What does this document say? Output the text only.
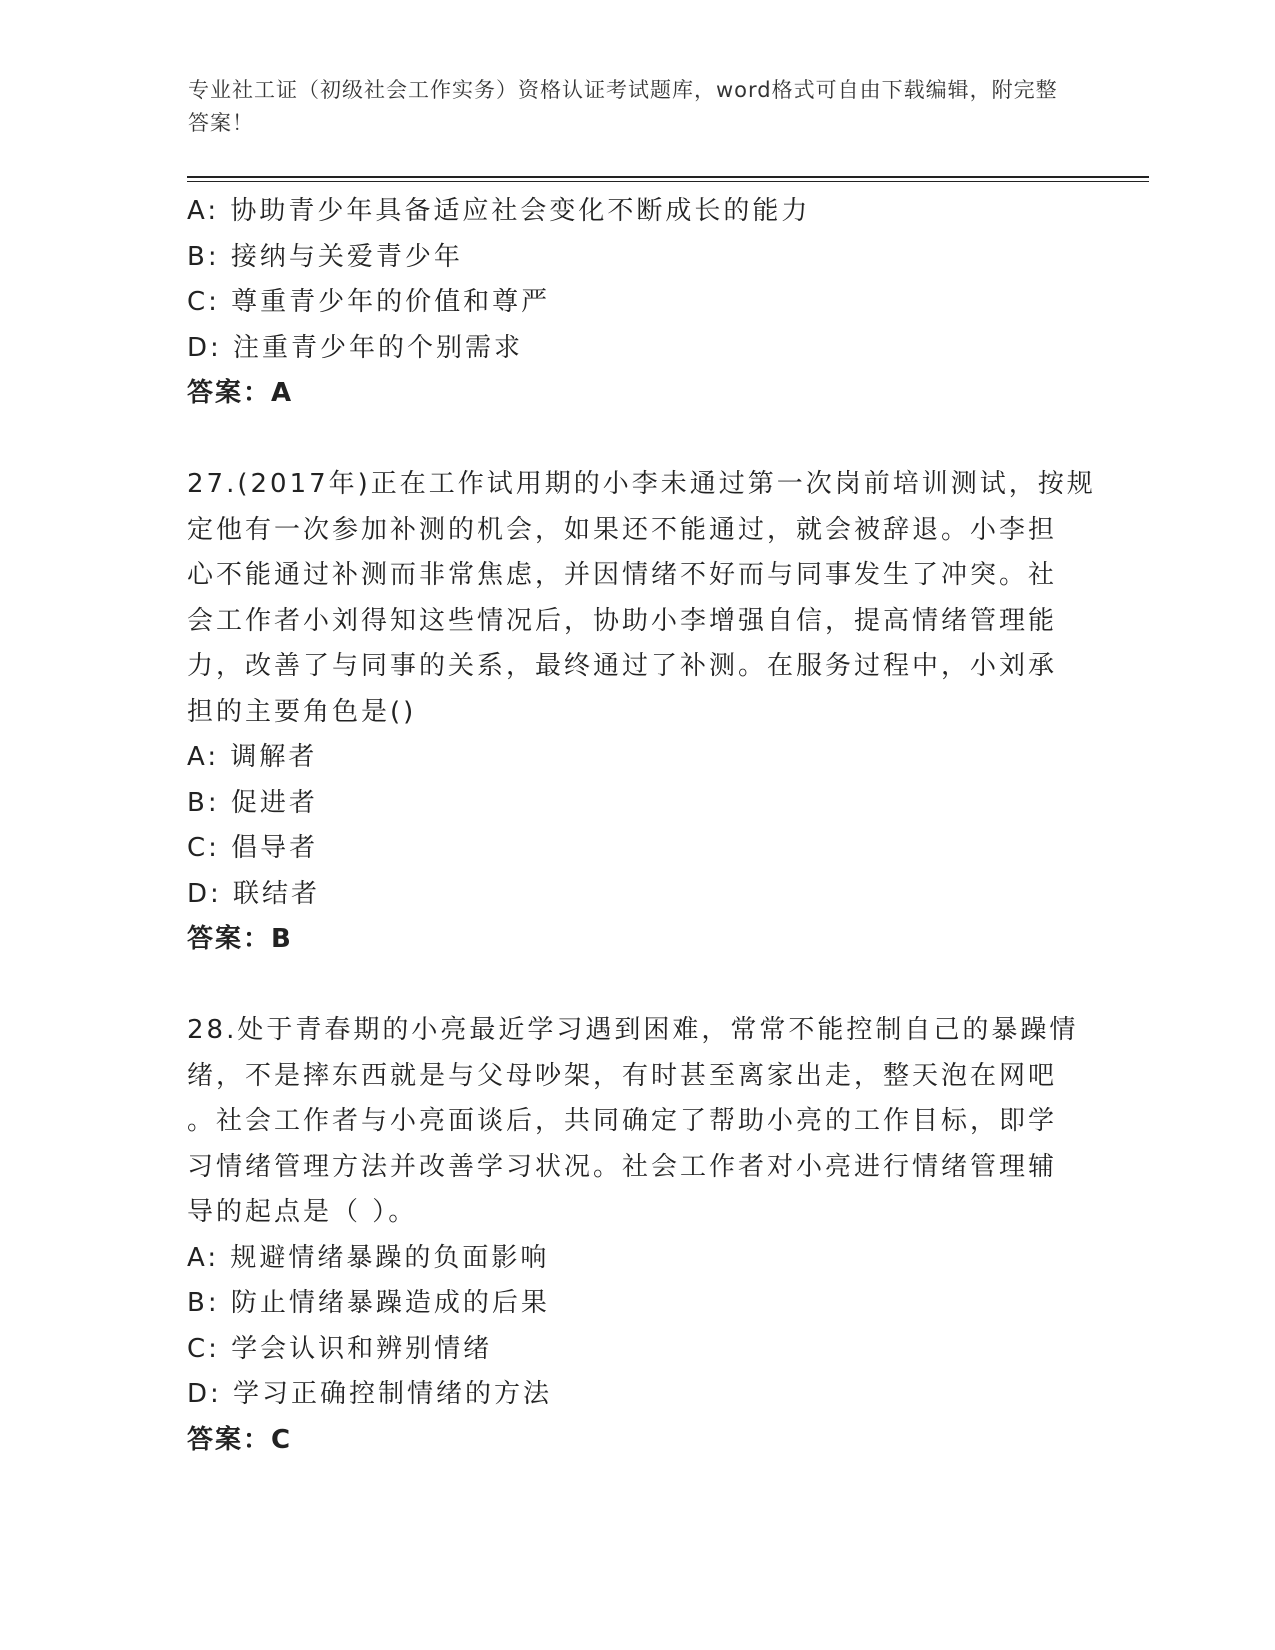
专业社工证（初级社会工作实务）资格认证考试题库，word格式可自由下载编辑，附完整答案！
A: 协助青少年具备适应社会变化不断成长的能力
B: 接纳与关爱青少年
C: 尊重青少年的价值和尊严
D: 注重青少年的个别需求
答案：A
27.(2017年)正在工作试用期的小李未通过第一次岗前培训测试，按规
定他有一次参加补测的机会，如果还不能通过，就会被辞退。小李担
心不能通过补测而非常焦虑，并因情绪不好而与同事发生了冲突。社
会工作者小刘得知这些情况后，协助小李增强自信，提高情绪管理能
力，改善了与同事的关系，最终通过了补测。在服务过程中，小刘承
担的主要角色是()
A: 调解者
B: 促进者
C: 倡导者
D: 联结者
答案：B
28.处于青春期的小亮最近学习遇到困难，常常不能控制自己的暴躁情
绪，不是摔东西就是与父母吵架，有时甚至离家出走，整天泡在网吧
。社会工作者与小亮面谈后，共同确定了帮助小亮的工作目标，即学
习情绪管理方法并改善学习状况。社会工作者对小亮进行情绪管理辅
导的起点是（ ）。
A: 规避情绪暴躁的负面影响
B: 防止情绪暴躁造成的后果
C: 学会认识和辨别情绪
D: 学习正确控制情绪的方法
答案：C
